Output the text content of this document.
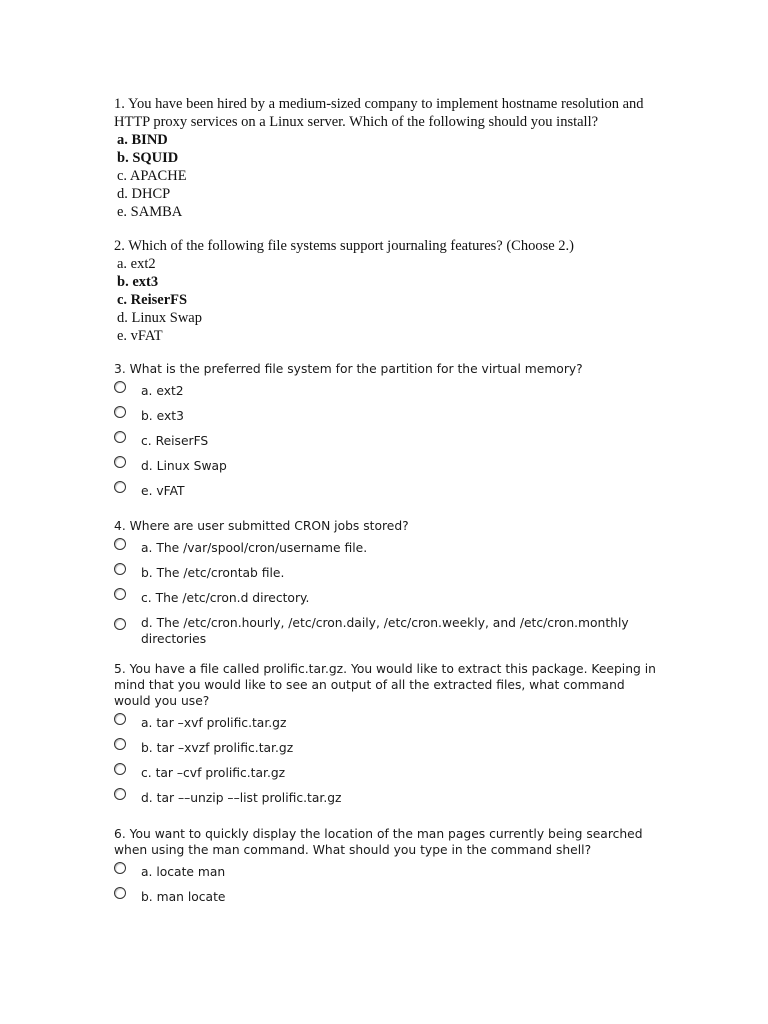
1. You have been hired by a medium-sized company to implement hostname resolution and HTTP proxy services on a Linux server. Which of the following should you install?
a. BIND
b. SQUID
c. APACHE
d. DHCP
e. SAMBA
2. Which of the following file systems support journaling features? (Choose 2.)
a. ext2
b. ext3
c. ReiserFS
d. Linux Swap
e. vFAT
3. What is the preferred file system for the partition for the virtual memory?
a. ext2
b. ext3
c. ReiserFS
d. Linux Swap
e. vFAT
4. Where are user submitted CRON jobs stored?
a. The /var/spool/cron/username file.
b. The /etc/crontab file.
c. The /etc/cron.d directory.
d. The /etc/cron.hourly, /etc/cron.daily, /etc/cron.weekly, and /etc/cron.monthly directories
5. You have a file called prolific.tar.gz. You would like to extract this package. Keeping in mind that you would like to see an output of all the extracted files, what command would you use?
a. tar –xvf prolific.tar.gz
b. tar –xvzf prolific.tar.gz
c. tar –cvf prolific.tar.gz
d. tar ––unzip ––list prolific.tar.gz
6. You want to quickly display the location of the man pages currently being searched when using the man command. What should you type in the command shell?
a. locate man
b. man locate
